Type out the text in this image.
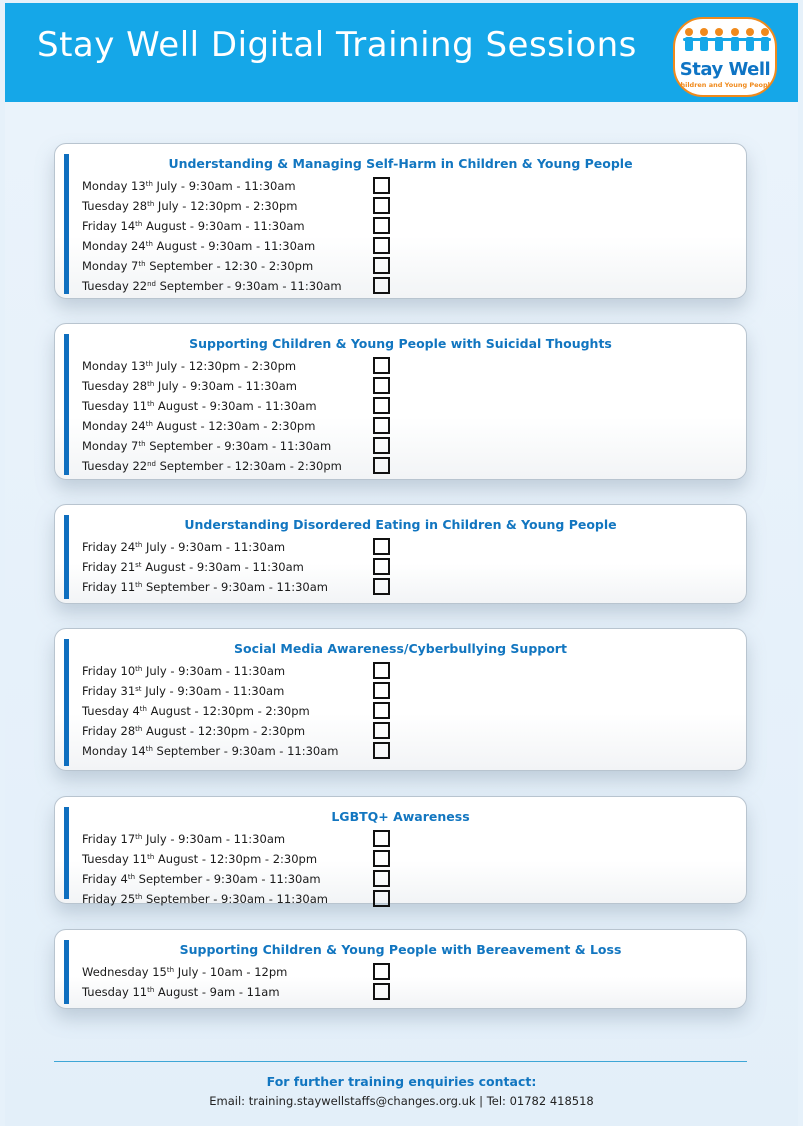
Stay Well Digital Training Sessions
Stay Well
Children and Young People
Understanding & Managing Self-Harm in Children & Young People
Monday 13th July - 9:30am - 11:30am
Tuesday 28th July - 12:30pm - 2:30pm
Friday 14th August - 9:30am - 11:30am
Monday 24th August - 9:30am - 11:30am
Monday 7th September - 12:30 - 2:30pm
Tuesday 22nd September - 9:30am - 11:30am
Supporting Children & Young People with Suicidal Thoughts
Monday 13th July - 12:30pm - 2:30pm
Tuesday 28th July - 9:30am - 11:30am
Tuesday 11th August - 9:30am - 11:30am
Monday 24th August - 12:30am - 2:30pm
Monday 7th September - 9:30am - 11:30am
Tuesday 22nd September - 12:30am - 2:30pm
Understanding Disordered Eating in Children & Young People
Friday 24th July - 9:30am - 11:30am
Friday 21st August - 9:30am - 11:30am
Friday 11th September - 9:30am - 11:30am
Social Media Awareness/Cyberbullying Support
Friday 10th July - 9:30am - 11:30am
Friday 31st July - 9:30am - 11:30am
Tuesday 4th August - 12:30pm - 2:30pm
Friday 28th August - 12:30pm - 2:30pm
Monday 14th September - 9:30am - 11:30am
LGBTQ+ Awareness
Friday 17th July - 9:30am - 11:30am
Tuesday 11th August - 12:30pm - 2:30pm
Friday 4th September - 9:30am - 11:30am
Friday 25th September - 9:30am - 11:30am
Supporting Children & Young People with Bereavement & Loss
Wednesday 15th July - 10am - 12pm
Tuesday 11th August - 9am - 11am
For further training enquiries contact:
Email: training.staywellstaffs@changes.org.uk | Tel: 01782 418518
